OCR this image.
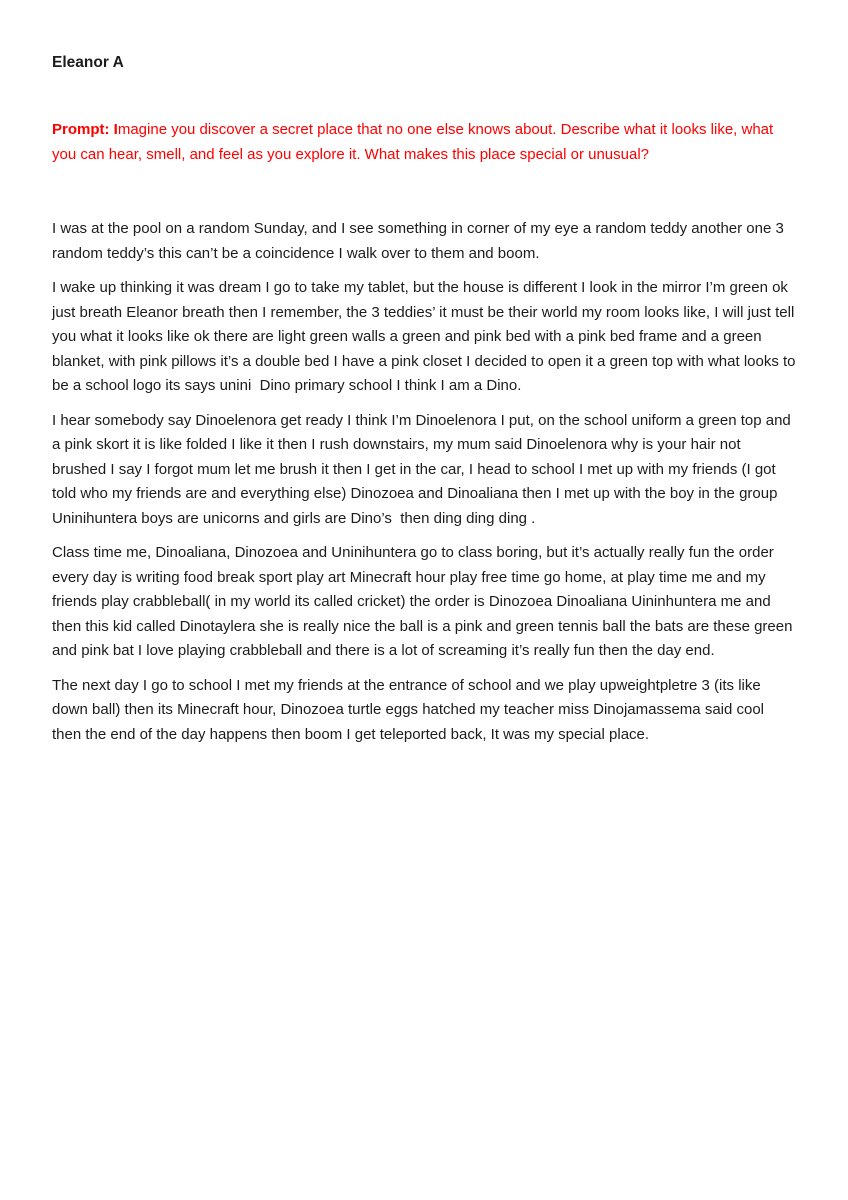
Eleanor A

Prompt: Imagine you discover a secret place that no one else knows about. Describe what it looks like, what you can hear, smell, and feel as you explore it. What makes this place special or unusual?

I was at the pool on a random Sunday, and I see something in corner of my eye a random teddy another one 3 random teddy’s this can’t be a coincidence I walk over to them and boom.

I wake up thinking it was dream I go to take my tablet, but the house is different I look in the mirror I’m green ok just breath Eleanor breath then I remember, the 3 teddies’ it must be their world my room looks like, I will just tell you what it looks like ok there are light green walls a green and pink bed with a pink bed frame and a green blanket, with pink pillows it’s a double bed I have a pink closet I decided to open it a green top with what looks to be a school logo its says unini  Dino primary school I think I am a Dino.

I hear somebody say Dinoelenora get ready I think I’m Dinoelenora I put, on the school uniform a green top and a pink skort it is like folded I like it then I rush downstairs, my mum said Dinoelenora why is your hair not brushed I say I forgot mum let me brush it then I get in the car, I head to school I met up with my friends (I got told who my friends are and everything else) Dinozoea and Dinoaliana then I met up with the boy in the group Uninihuntera boys are unicorns and girls are Dino’s  then ding ding ding .

Class time me, Dinoaliana, Dinozoea and Uninihuntera go to class boring, but it’s actually really fun the order every day is writing food break sport play art Minecraft hour play free time go home, at play time me and my friends play crabbleball( in my world its called cricket) the order is Dinozoea Dinoaliana Uininhuntera me and then this kid called Dinotaylera she is really nice the ball is a pink and green tennis ball the bats are these green and pink bat I love playing crabbleball and there is a lot of screaming it’s really fun then the day end.

The next day I go to school I met my friends at the entrance of school and we play upweightpletre 3 (its like down ball) then its Minecraft hour, Dinozoea turtle eggs hatched my teacher miss Dinojamassema said cool then the end of the day happens then boom I get teleported back, It was my special place.
